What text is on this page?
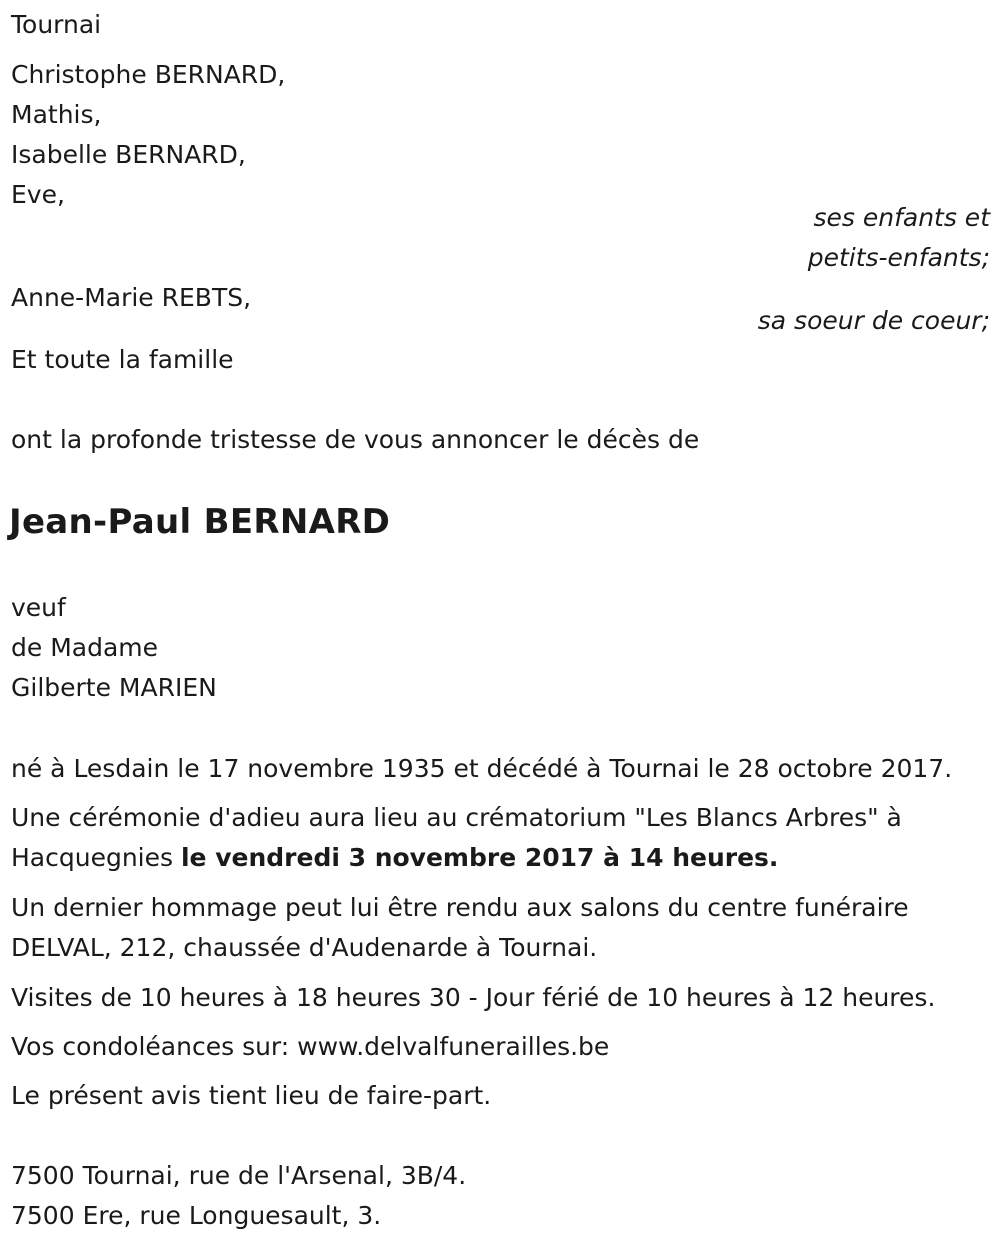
Tournai
Christophe BERNARD,
Mathis,
Isabelle BERNARD,
Eve,
ses enfants et
petits-enfants;
Anne-Marie REBTS,
sa soeur de coeur;
Et toute la famille
ont la profonde tristesse de vous annoncer le décès de
Jean-Paul BERNARD
veuf
de Madame
Gilberte MARIEN
né à Lesdain le 17 novembre 1935 et décédé à Tournai le 28 octobre 2017.
Une cérémonie d'adieu aura lieu au crématorium "Les Blancs Arbres" à Hacquegnies le vendredi 3 novembre 2017 à 14 heures.
Un dernier hommage peut lui être rendu aux salons du centre funéraire DELVAL, 212, chaussée d'Audenarde à Tournai.
Visites de 10 heures à 18 heures 30 - Jour férié de 10 heures à 12 heures.
Vos condoléances sur: www.delvalfunerailles.be
Le présent avis tient lieu de faire-part.
7500 Tournai, rue de l'Arsenal, 3B/4.
7500 Ere, rue Longuesault, 3.
